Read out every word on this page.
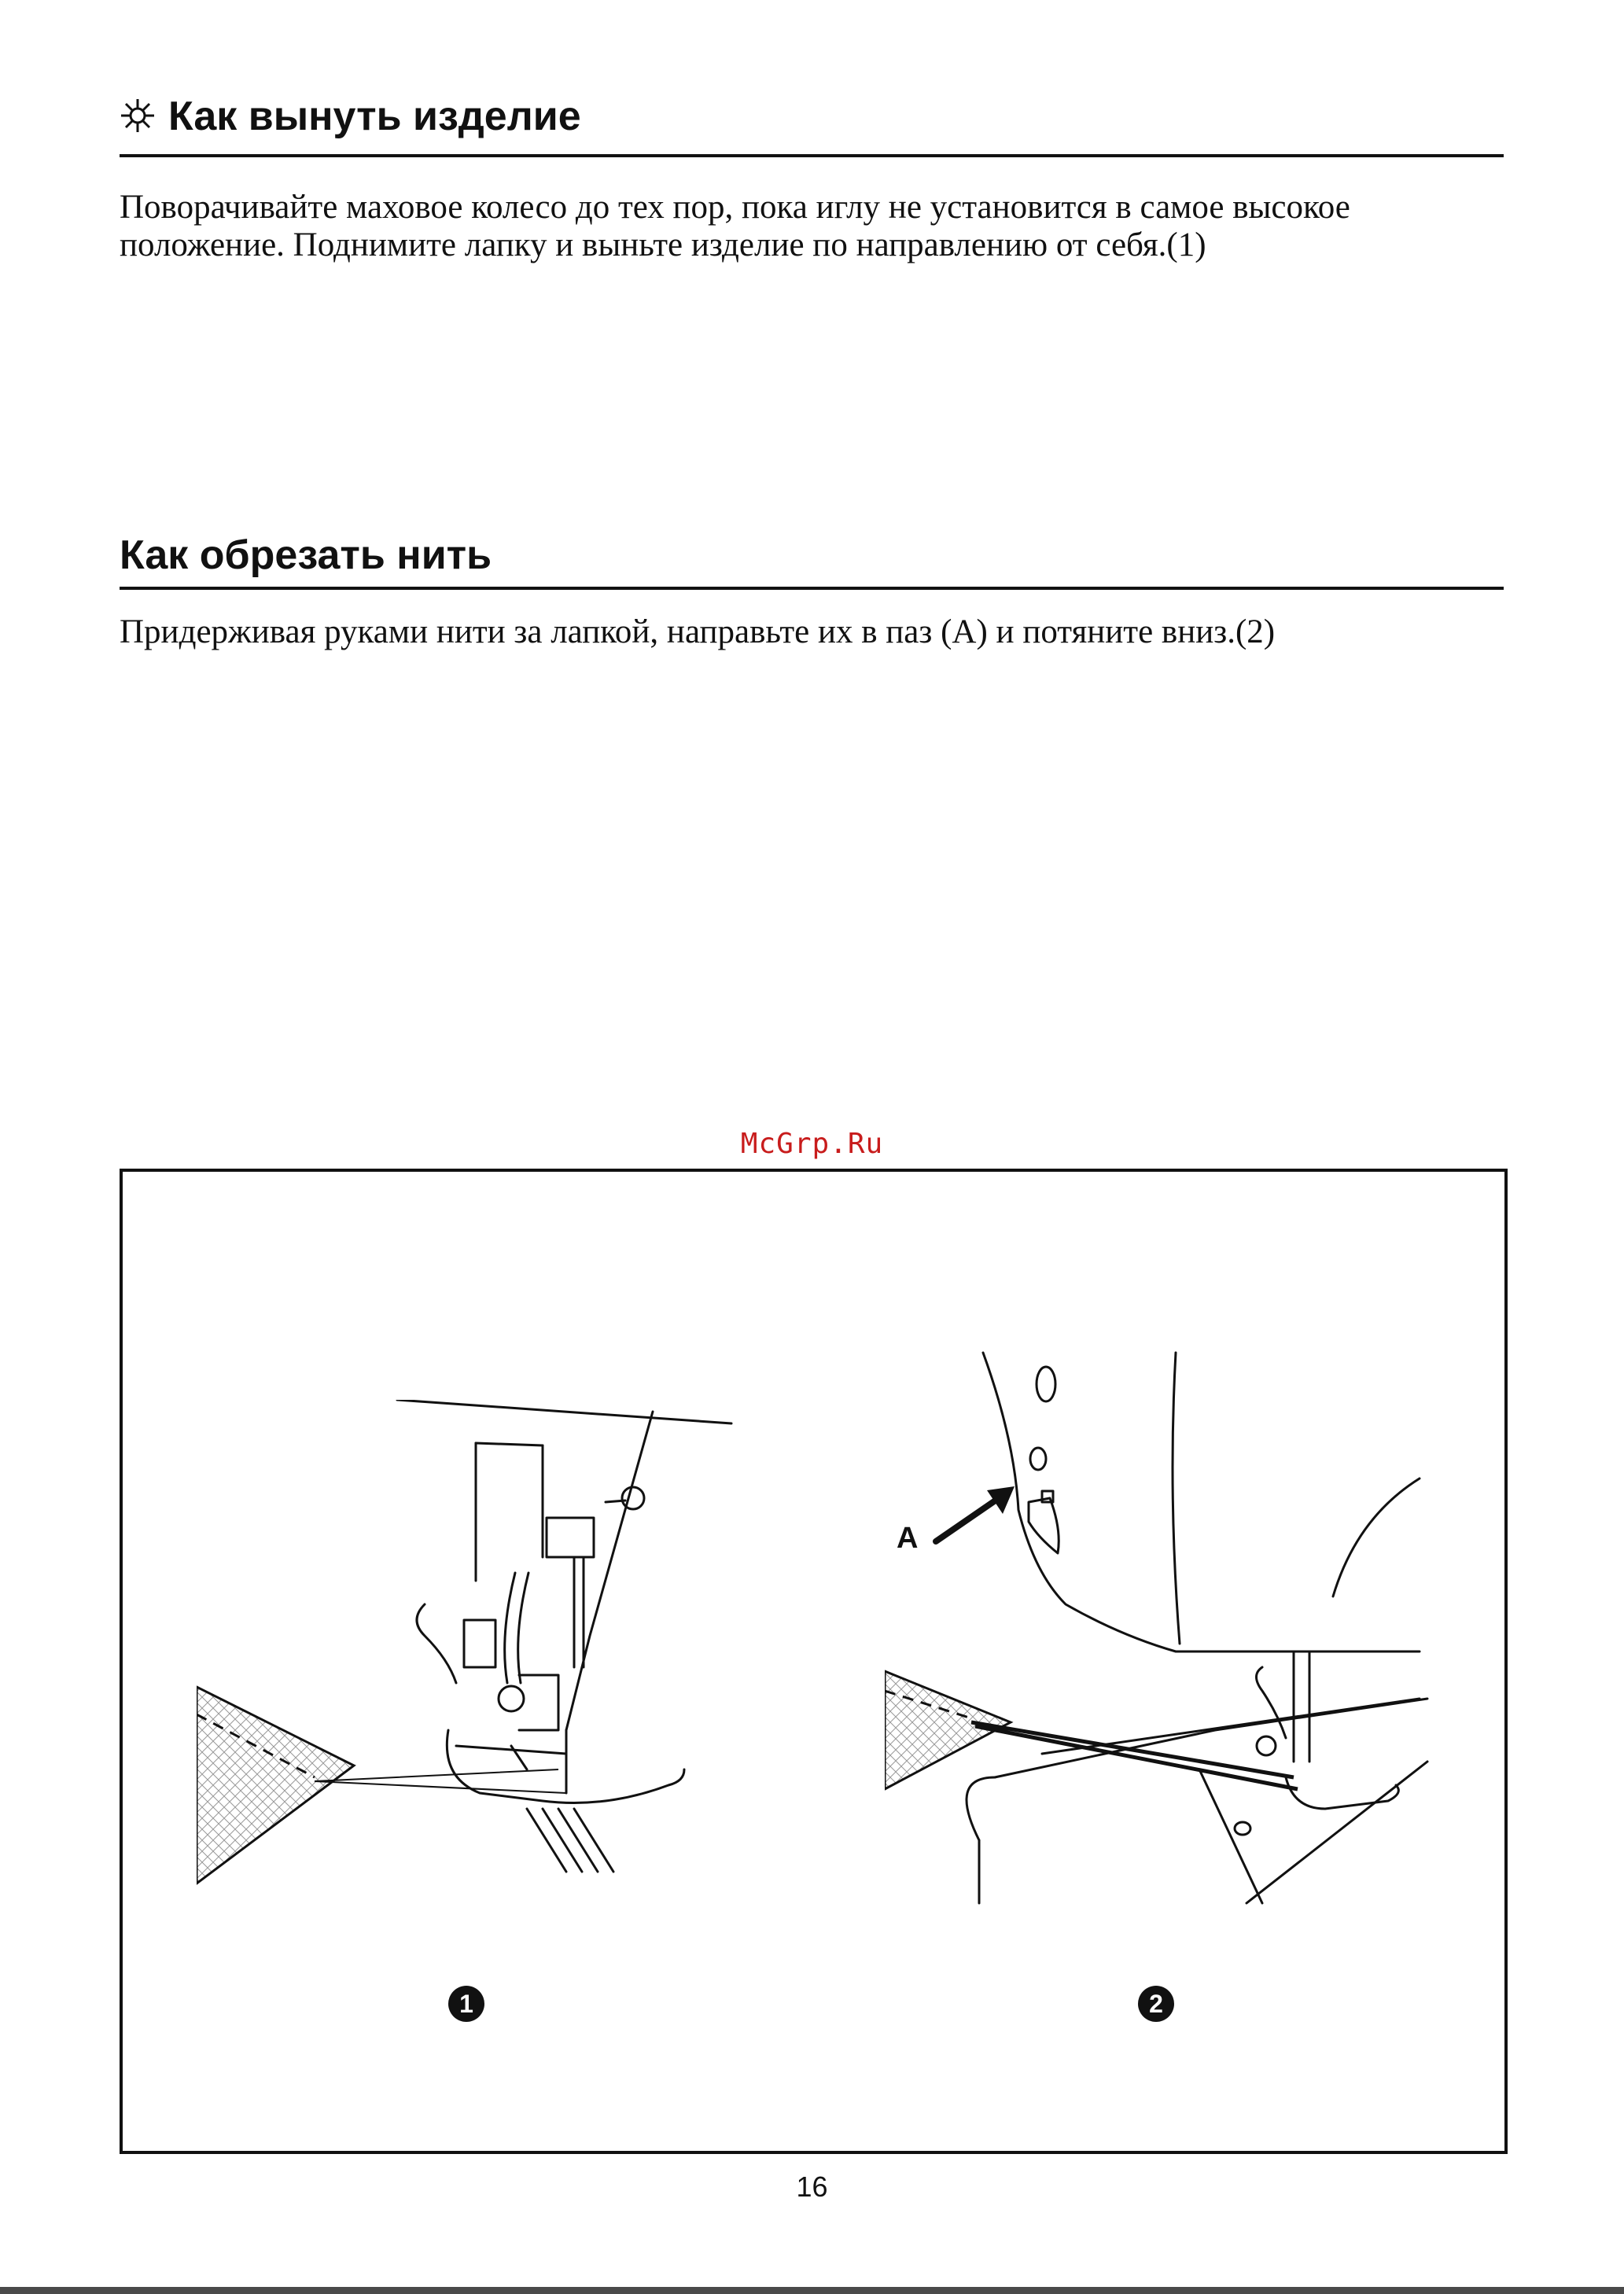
Как вынуть изделие

Поворачивайте маховое колесо до тех пор, пока иглу не установится в самое высокое положение. Поднимите лапку и выньте изделие по направлению от себя.(1)

Как обрезать нить

Придерживая руками нити за лапкой, направьте их в паз (А) и потяните вниз.(2)

McGrp.Ru
A
1	2
16
